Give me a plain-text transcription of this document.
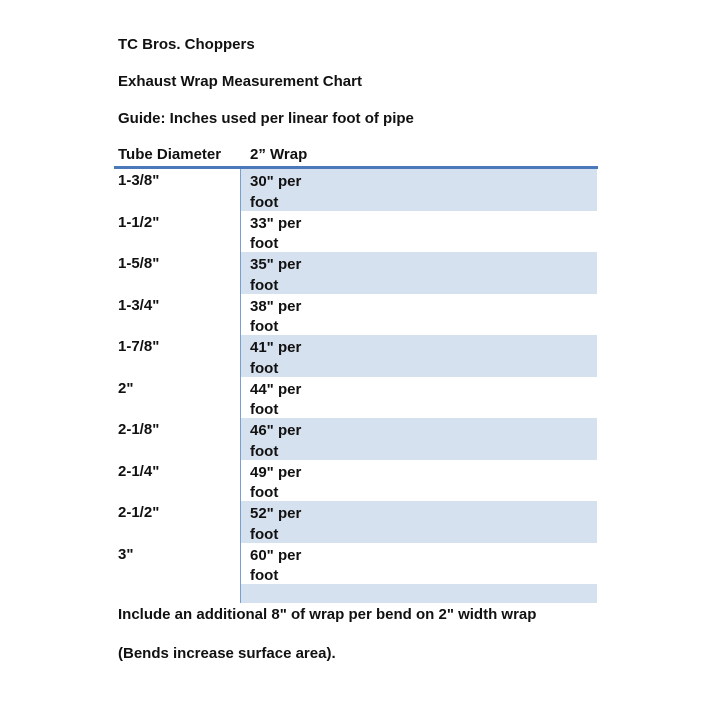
TC Bros. Choppers
Exhaust Wrap Measurement Chart
Guide: Inches used per linear foot of pipe
Tube Diameter 2” Wrap
1-3/8"	30" per foot
1-1/2"	33" per foot
1-5/8"	35" per foot
1-3/4"	38" per foot
1-7/8"	41" per foot
2"	44" per foot
2-1/8"	46" per foot
2-1/4"	49" per foot
2-1/2"	52" per foot
3"	60" per foot
Include an additional 8" of wrap per bend on 2" width wrap
(Bends increase surface area).
